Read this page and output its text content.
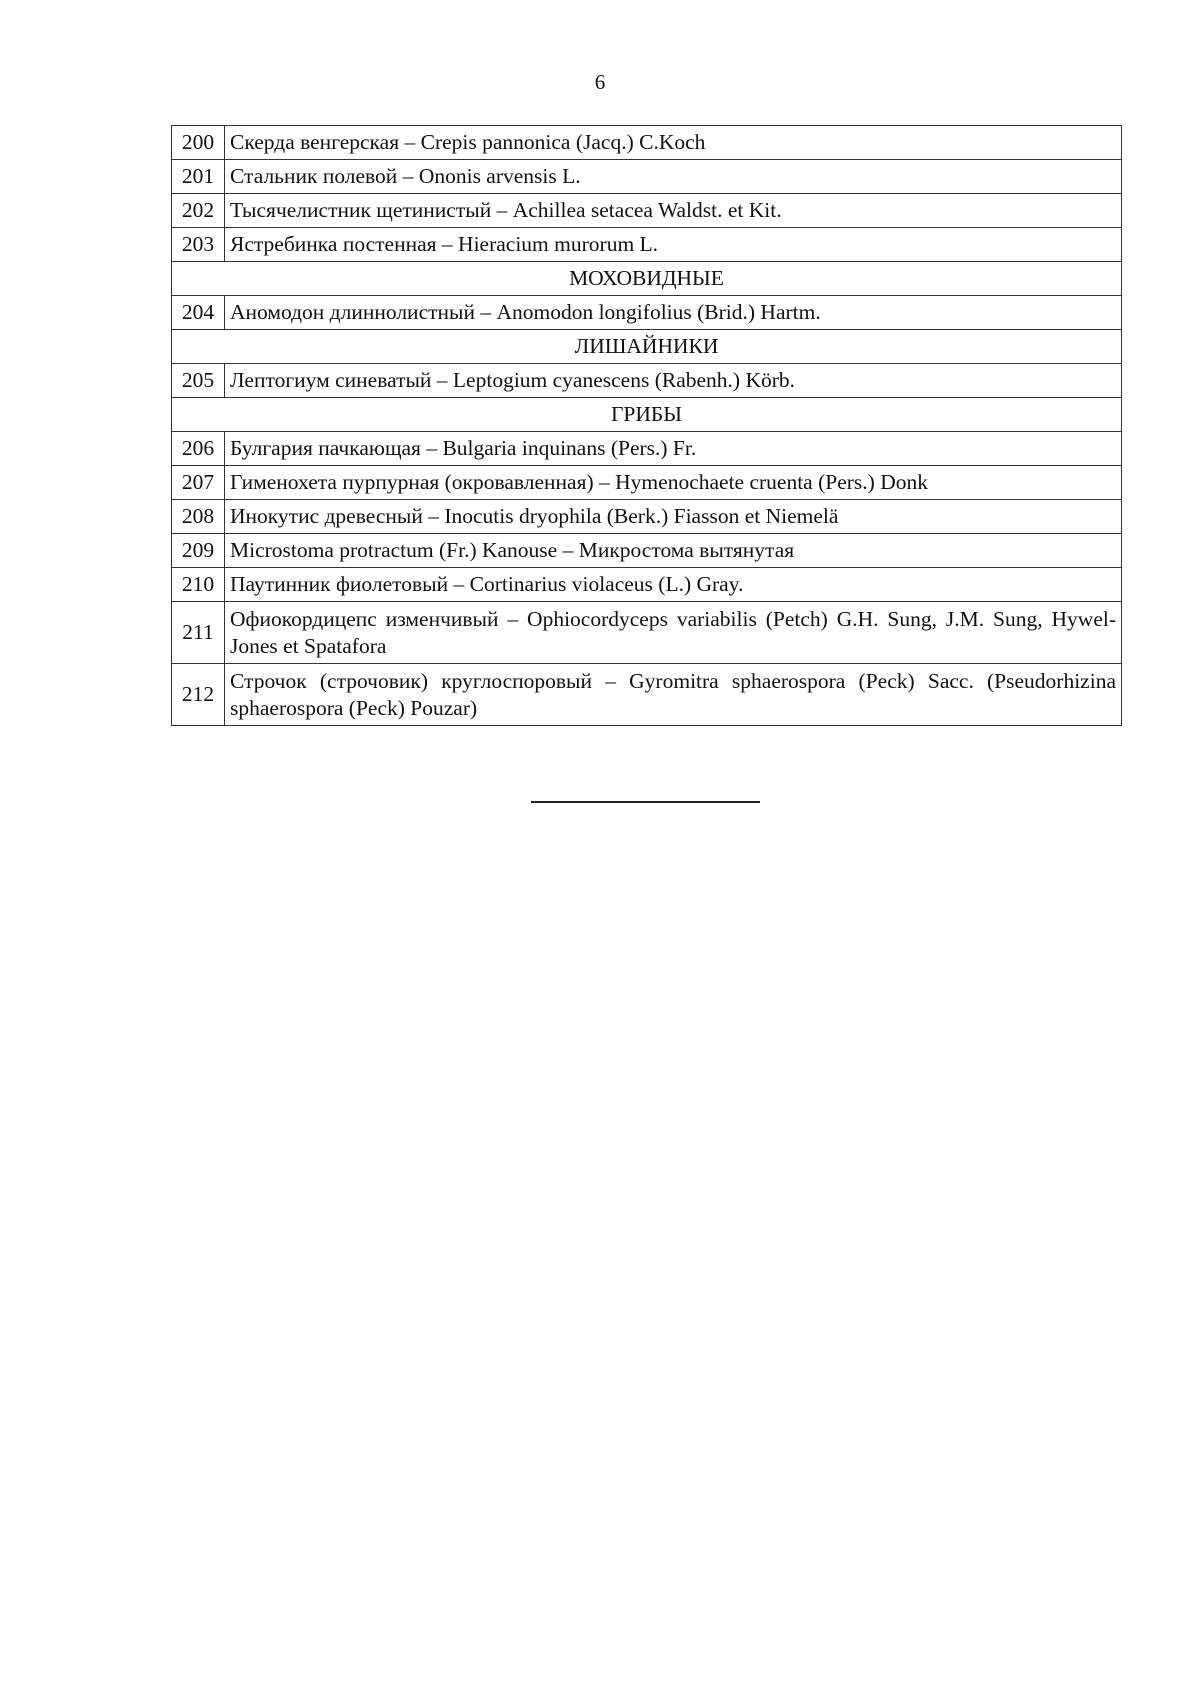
6
200	Скерда венгерская – Crepis pannonica (Jacq.) C.Koch
201	Стальник полевой – Ononis arvensis L.
202	Тысячелистник щетинистый – Achillea setacea Waldst. et Kit.
203	Ястребинка постенная – Hieracium murorum L.
МОХОВИДНЫЕ	
204	Аномодон длиннолистный – Anomodon longifolius (Brid.) Hartm.
ЛИШАЙНИКИ	
205	Лептогиум синеватый – Leptogium cyanescens (Rabenh.) Körb.
ГРИБЫ	
206	Булгария пачкающая – Bulgaria inquinans (Pers.) Fr.
207	Гименохета пурпурная (окровавленная) – Hymenochaete cruenta (Pers.) Donk
208	Инокутис древесный – Inocutis dryophila (Berk.) Fiasson et Niemelä
209	Microstoma protractum (Fr.) Kanouse – Микростома вытянутая
210	Паутинник фиолетовый – Cortinarius violaceus (L.) Gray.
211	Офиокордицепс изменчивый – Ophiocordyceps variabilis (Petch) G.H. Sung, J.M. Sung, Hywel-Jones et Spatafora
212	Строчок (строчовик) круглоспоровый – Gyromitra sphaerospora (Peck) Sacc. (Pseudorhizina sphaerospora (Peck) Pouzar)
